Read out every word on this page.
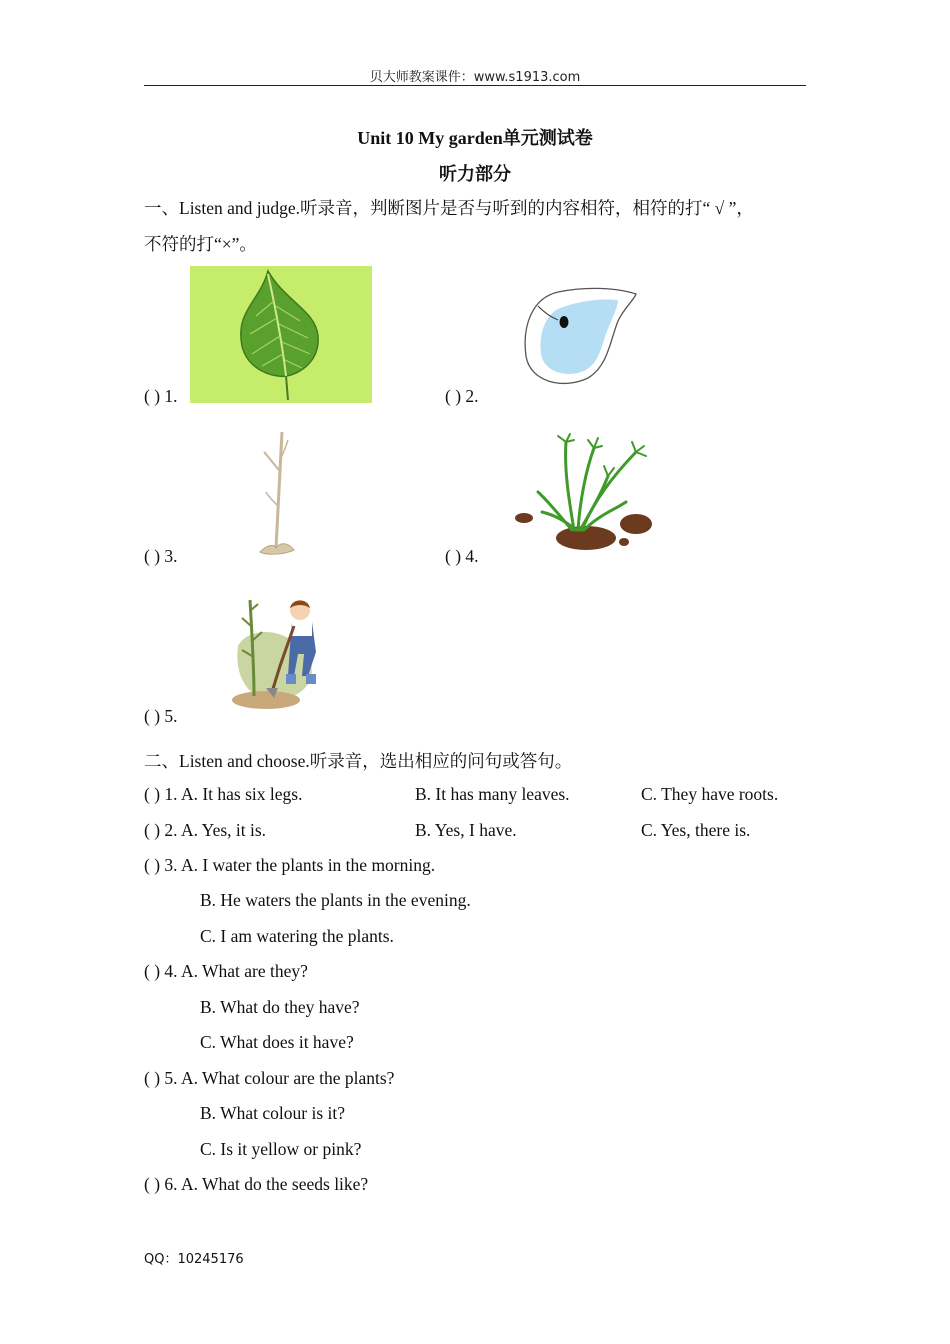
贝大师教案课件：www.s1913.com
Unit 10 My garden单元测试卷
听力部分
一、Listen and judge.听录音，判断图片是否与听到的内容相符，相符的打“ √ ”，
不符的打“×”。
( ) 1.	( ) 2.
( ) 3.	( ) 4.
( ) 5.
二、Listen and choose.听录音，选出相应的问句或答句。
( ) 1. A. It has six legs.	B. It has many leaves.	C. They have roots.
( ) 2. A. Yes, it is.	B. Yes, I have.	C. Yes, there is.
( ) 3. A. I water the plants in the morning.
B. He waters the plants in the evening.
C. I am watering the plants.
( ) 4. A. What are they?
B. What do they have?
C. What does it have?
( ) 5. A. What colour are the plants?
B. What colour is it?
C. Is it yellow or pink?
( ) 6. A. What do the seeds like?
QQ：10245176
